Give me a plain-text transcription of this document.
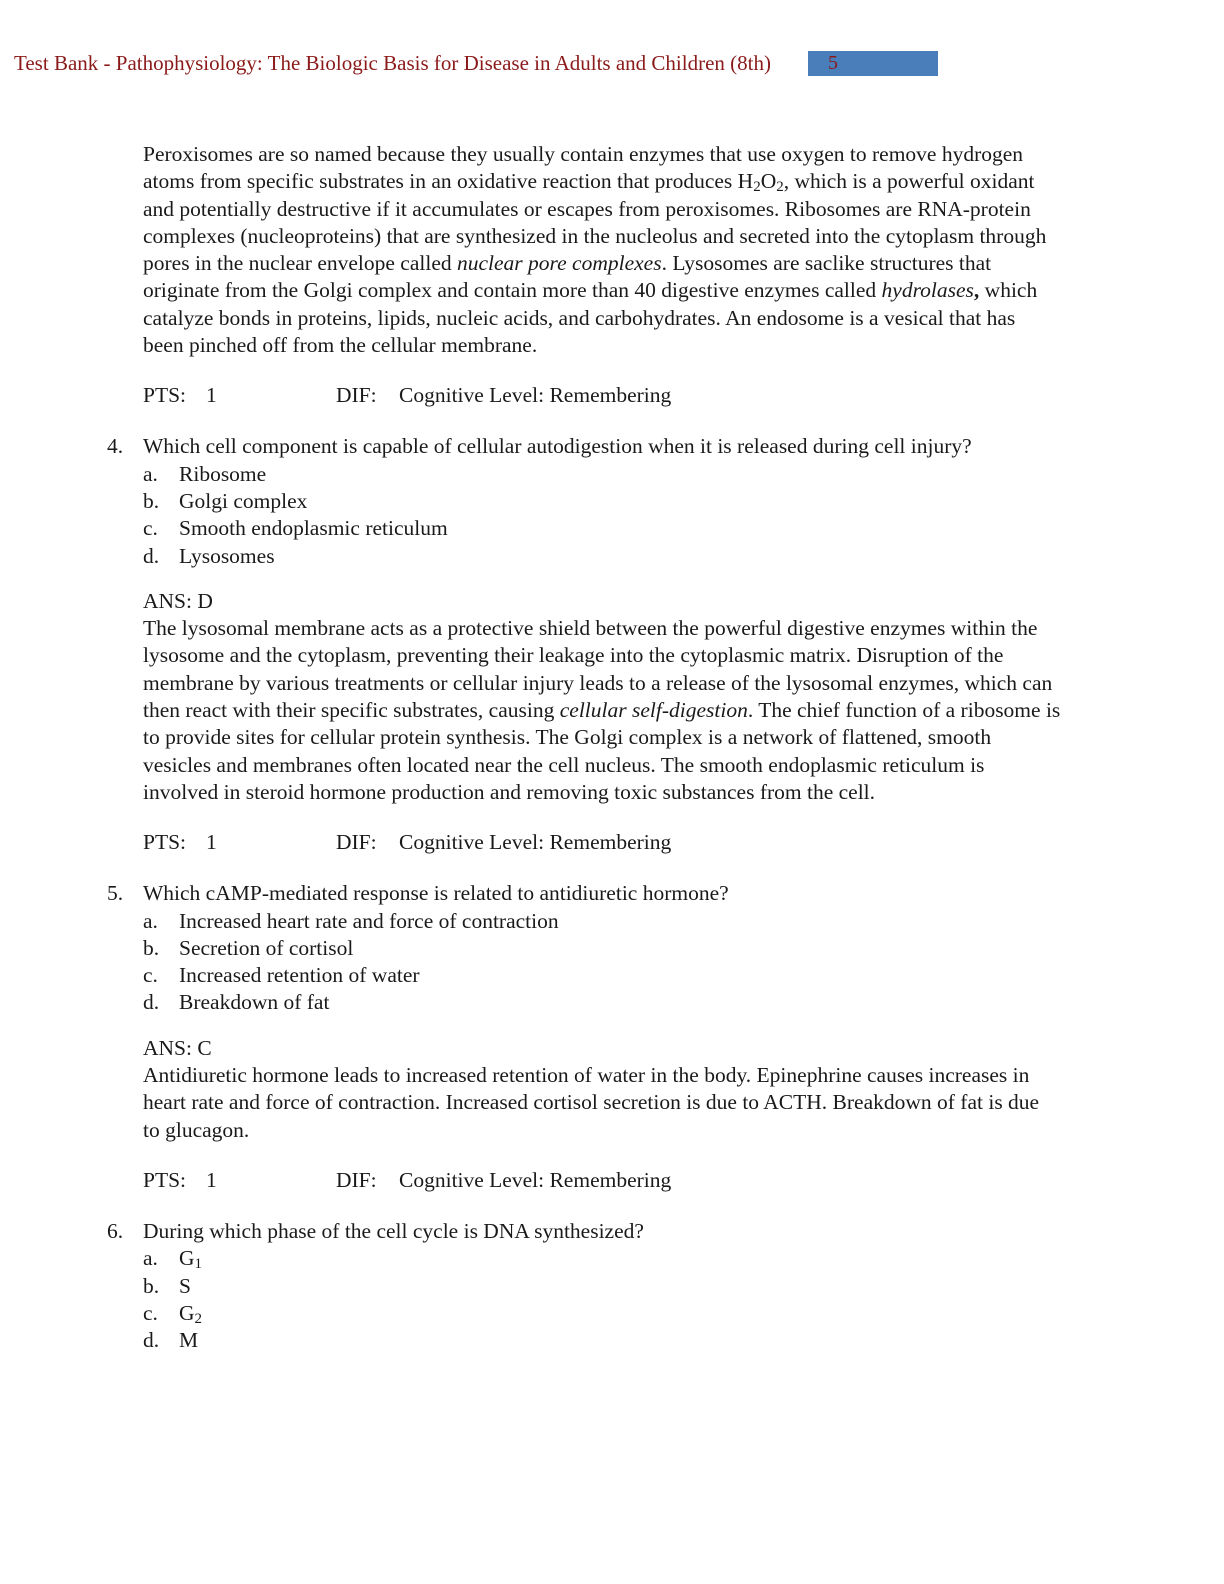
Test Bank - Pathophysiology: The Biologic Basis for Disease in Adults and Children (8th)	5
Peroxisomes are so named because they usually contain enzymes that use oxygen to remove hydrogen atoms from specific substrates in an oxidative reaction that produces $H_2O_2$, which is a powerful oxidant and potentially destructive if it accumulates or escapes from peroxisomes. Ribosomes are RNA-protein complexes (nucleoproteins) that are synthesized in the nucleolus and secreted into the cytoplasm through pores in the nuclear envelope called nuclear pore complexes. Lysosomes are saclike structures that originate from the Golgi complex and contain more than 40 digestive enzymes called hydrolases, which catalyze bonds in proteins, lipids, nucleic acids, and carbohydrates. An endosome is a vesical that has been pinched off from the cellular membrane.
PTS: 1	DIF: Cognitive Level: Remembering
4. Which cell component is capable of cellular autodigestion when it is released during cell injury?
a. Ribosome
b. Golgi complex
c. Smooth endoplasmic reticulum
d. Lysosomes
ANS: D
The lysosomal membrane acts as a protective shield between the powerful digestive enzymes within the lysosome and the cytoplasm, preventing their leakage into the cytoplasmic matrix. Disruption of the membrane by various treatments or cellular injury leads to a release of the lysosomal enzymes, which can then react with their specific substrates, causing cellular self-digestion. The chief function of a ribosome is to provide sites for cellular protein synthesis. The Golgi complex is a network of flattened, smooth vesicles and membranes often located near the cell nucleus. The smooth endoplasmic reticulum is involved in steroid hormone production and removing toxic substances from the cell.
PTS: 1	DIF: Cognitive Level: Remembering
5. Which cAMP-mediated response is related to antidiuretic hormone?
a. Increased heart rate and force of contraction
b. Secretion of cortisol
c. Increased retention of water
d. Breakdown of fat
ANS: C
Antidiuretic hormone leads to increased retention of water in the body. Epinephrine causes increases in heart rate and force of contraction. Increased cortisol secretion is due to ACTH. Breakdown of fat is due to glucagon.
PTS: 1	DIF: Cognitive Level: Remembering
6. During which phase of the cell cycle is DNA synthesized?
a. $G_1$
b. S
c. $G_2$
d. M
